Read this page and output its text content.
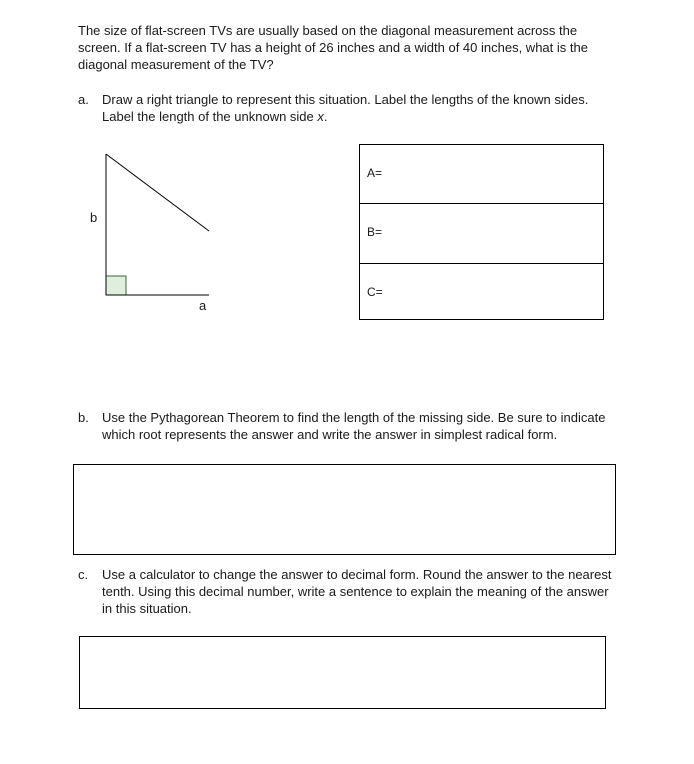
The size of flat-screen TVs are usually based on the diagonal measurement across the screen. If a flat-screen TV has a height of 26 inches and a width of 40 inches, what is the diagonal measurement of the TV?
a. Draw a right triangle to represent this situation. Label the lengths of the known sides. Label the length of the unknown side x.
b
a
A=
B=
C=
b. Use the Pythagorean Theorem to find the length of the missing side. Be sure to indicate which root represents the answer and write the answer in simplest radical form.
c. Use a calculator to change the answer to decimal form. Round the answer to the nearest tenth. Using this decimal number, write a sentence to explain the meaning of the answer in this situation.
